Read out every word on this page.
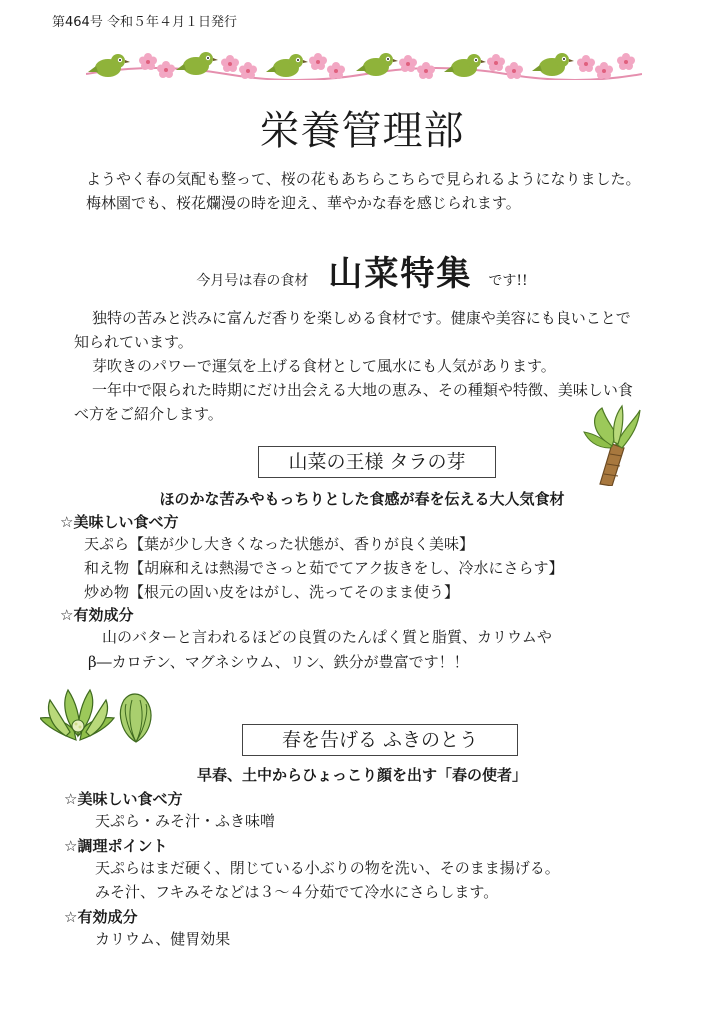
第464号 令和５年４月１日発行
栄養管理部

ようやく春の気配も整って、桜の花もあちらこちらで見られるようになりました。

梅林園でも、桜花爛漫の時を迎え、華やかな春を感じられます。

今月号は春の食材 山菜特集 です!!

独特の苦みと渋みに富んだ香りを楽しめる食材です。健康や美容にも良いことで

知られています。

芽吹きのパワーで運気を上げる食材として風水にも人気があります。

一年中で限られた時期にだけ出会える大地の恵み、その種類や特徴、美味しい食

べ方をご紹介します。

山菜の王様 タラの芽
ほのかな苦みやもっちりとした食感が春を伝える大人気食材
☆美味しい食べ方

天ぷら【葉が少し大きくなった状態が、香りが良く美味】

和え物【胡麻和えは熱湯でさっと茹でてアク抜きをし、冷水にさらす】

炒め物【根元の固い皮をはがし、洗ってそのまま使う】

☆有効成分

山のバターと言われるほどの良質のたんぱく質と脂質、カリウムや

β―カロテン、マグネシウム、リン、鉄分が豊富です！！

春を告げる ふきのとう
早春、土中からひょっこり顔を出す「春の使者」
☆美味しい食べ方

天ぷら・みそ汁・ふき味噌

☆調理ポイント

天ぷらはまだ硬く、閉じている小ぶりの物を洗い、そのまま揚げる。

みそ汁、フキみそなどは３～４分茹でて冷水にさらします。

☆有効成分

カリウム、健胃効果
